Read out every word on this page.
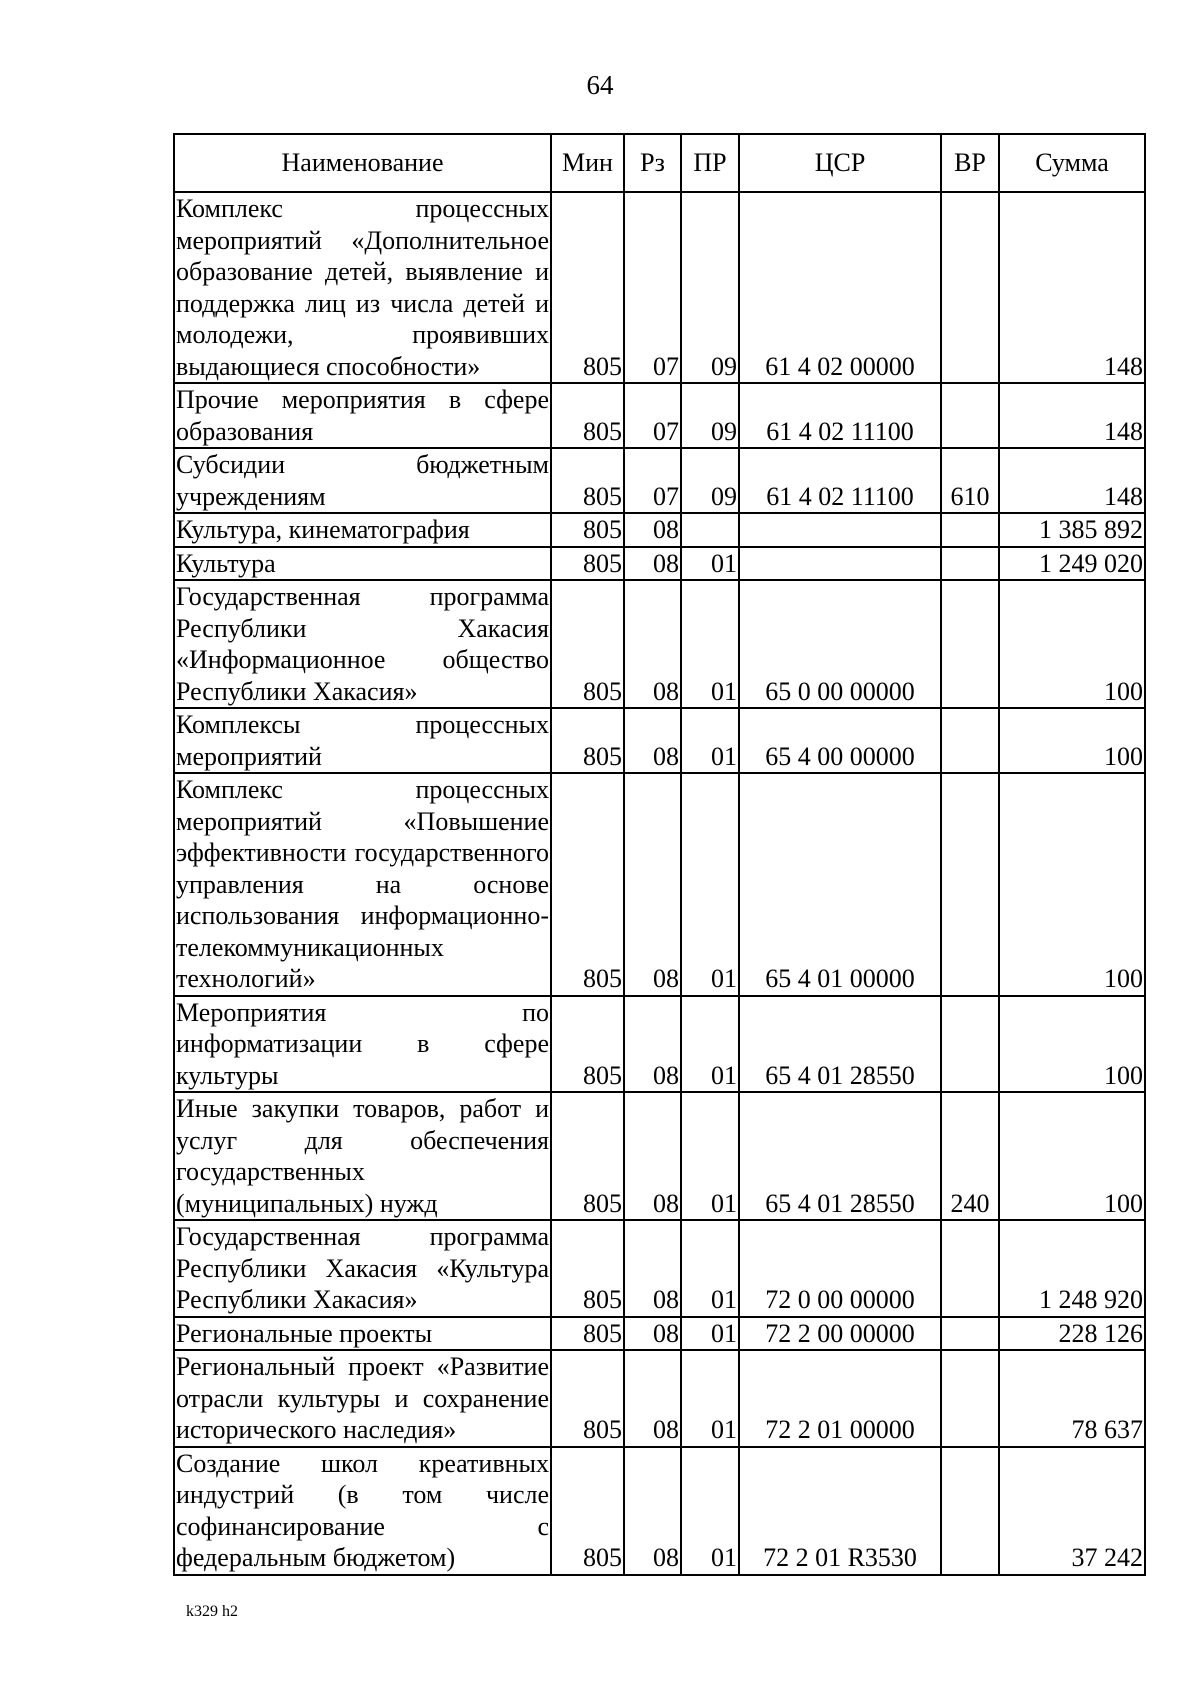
64
Наименование	Мин	Рз	ПР	ЦСР	ВР	Сумма
Комплекс процессных мероприятий «Дополнительное образование детей, выявление и поддержка лиц из числа детей и молодежи, проявивших выдающиеся способности»	805	07	09	61 4 02 00000		148
Прочие мероприятия в сфере образования	805	07	09	61 4 02 11100		148
Субсидии бюджетным учреждениям	805	07	09	61 4 02 11100	610	148
Культура, кинематография	805	08				1 385 892
Культура	805	08	01			1 249 020
Государственная программа Республики Хакасия «Информационное общество Республики Хакасия»	805	08	01	65 0 00 00000		100
Комплексы процессных мероприятий	805	08	01	65 4 00 00000		100
Комплекс процессных мероприятий «Повышение эффективности государственного управления на основе использования информационно-телекоммуникационных технологий»	805	08	01	65 4 01 00000		100
Мероприятия по информатизации в сфере культуры	805	08	01	65 4 01 28550		100
Иные закупки товаров, работ и услуг для обеспечения государственных (муниципальных) нужд	805	08	01	65 4 01 28550	240	100
Государственная программа Республики Хакасия «Культура Республики Хакасия»	805	08	01	72 0 00 00000		1 248 920
Региональные проекты	805	08	01	72 2 00 00000		228 126
Региональный проект «Развитие отрасли культуры и сохранение исторического наследия»	805	08	01	72 2 01 00000		78 637
Создание школ креативных индустрий (в том числе софинансирование с федеральным бюджетом)	805	08	01	72 2 01 R3530		37 242
k329 h2
